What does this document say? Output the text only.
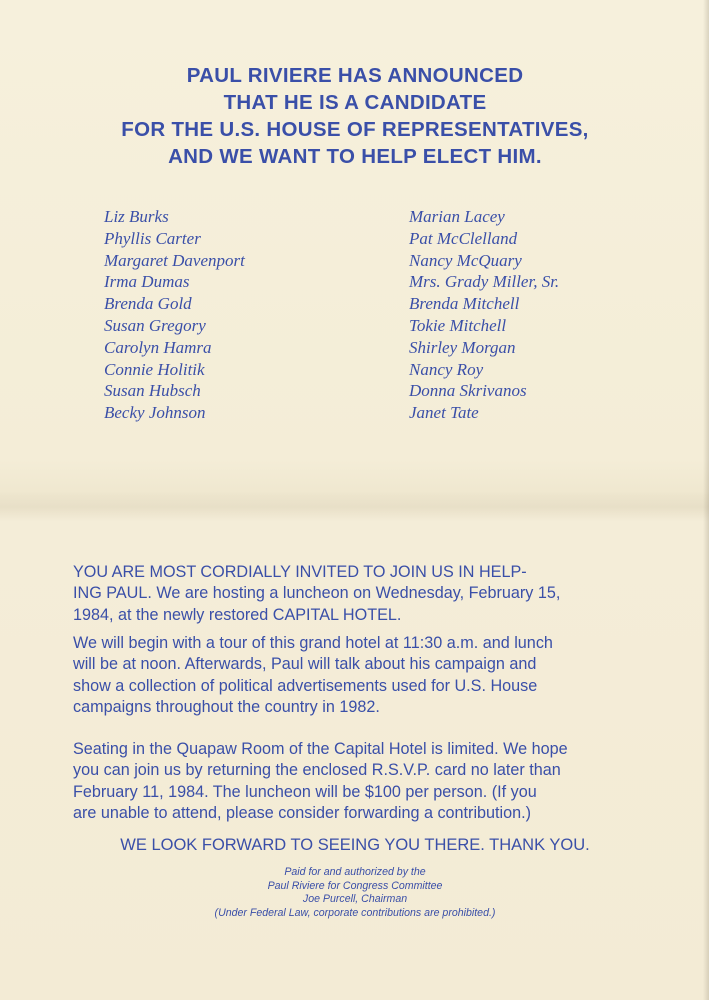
PAUL RIVIERE HAS ANNOUNCED
THAT HE IS A CANDIDATE
FOR THE U.S. HOUSE OF REPRESENTATIVES,
AND WE WANT TO HELP ELECT HIM.
Liz Burks
Phyllis Carter
Margaret Davenport
Irma Dumas
Brenda Gold
Susan Gregory
Carolyn Hamra
Connie Holitik
Susan Hubsch
Becky Johnson
Marian Lacey
Pat McClelland
Nancy McQuary
Mrs. Grady Miller, Sr.
Brenda Mitchell
Tokie Mitchell
Shirley Morgan
Nancy Roy
Donna Skrivanos
Janet Tate
YOU ARE MOST CORDIALLY INVITED TO JOIN US IN HELP-
ING PAUL. We are hosting a luncheon on Wednesday, February 15,
1984, at the newly restored CAPITAL HOTEL.
We will begin with a tour of this grand hotel at 11:30 a.m. and lunch
will be at noon. Afterwards, Paul will talk about his campaign and
show a collection of political advertisements used for U.S. House
campaigns throughout the country in 1982.
Seating in the Quapaw Room of the Capital Hotel is limited. We hope
you can join us by returning the enclosed R.S.V.P. card no later than
February 11, 1984. The luncheon will be $100 per person. (If you
are unable to attend, please consider forwarding a contribution.)
WE LOOK FORWARD TO SEEING YOU THERE. THANK YOU.
Paid for and authorized by the
Paul Riviere for Congress Committee
Joe Purcell, Chairman
(Under Federal Law, corporate contributions are prohibited.)
